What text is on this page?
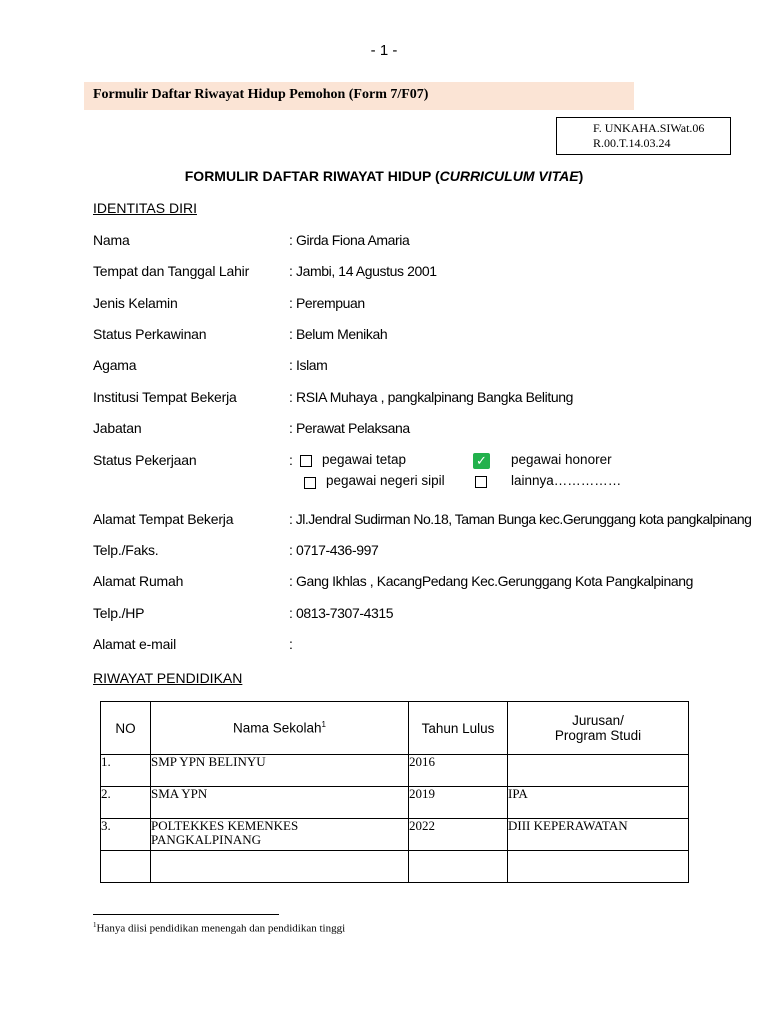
- 1 -
Formulir Daftar Riwayat Hidup Pemohon (Form 7/F07)
F. UNKAHA.SIWat.06
R.00.T.14.03.24
FORMULIR DAFTAR RIWAYAT HIDUP (CURRICULUM VITAE)
IDENTITAS DIRI
Nama	: Girda Fiona Amaria
Tempat dan Tanggal Lahir	: Jambi, 14 Agustus 2001
Jenis Kelamin	: Perempuan
Status Perkawinan	: Belum Menikah
Agama	: Islam
Institusi Tempat Bekerja	: RSIA Muhaya , pangkalpinang Bangka Belitung
Jabatan	: Perawat Pelaksana
Status Pekerjaan	: pegawai tetap	✓ pegawai honorer
pegawai negeri sipil	lainnya……………
Alamat Tempat Bekerja	: Jl.Jendral Sudirman No.18, Taman Bunga kec.Gerunggang kota pangkalpinang
Telp./Faks.	: 0717-436-997
Alamat Rumah	: Gang Ikhlas , KacangPedang Kec.Gerunggang Kota Pangkalpinang
Telp./HP	: 0813-7307-4315
Alamat e-mail	:
RIWAYAT PENDIDIKAN
NO	Nama Sekolah$^1$	Tahun Lulus	Jurusan/
Program Studi

1.	SMP YPN BELINYU	2016	
2.	SMA YPN	2019	IPA
3.	POLTEKKES KEMENKES PANGKALPINANG	2022	DIII KEPERAWATAN

$^1$Hanya diisi pendidikan menengah dan pendidikan tinggi
